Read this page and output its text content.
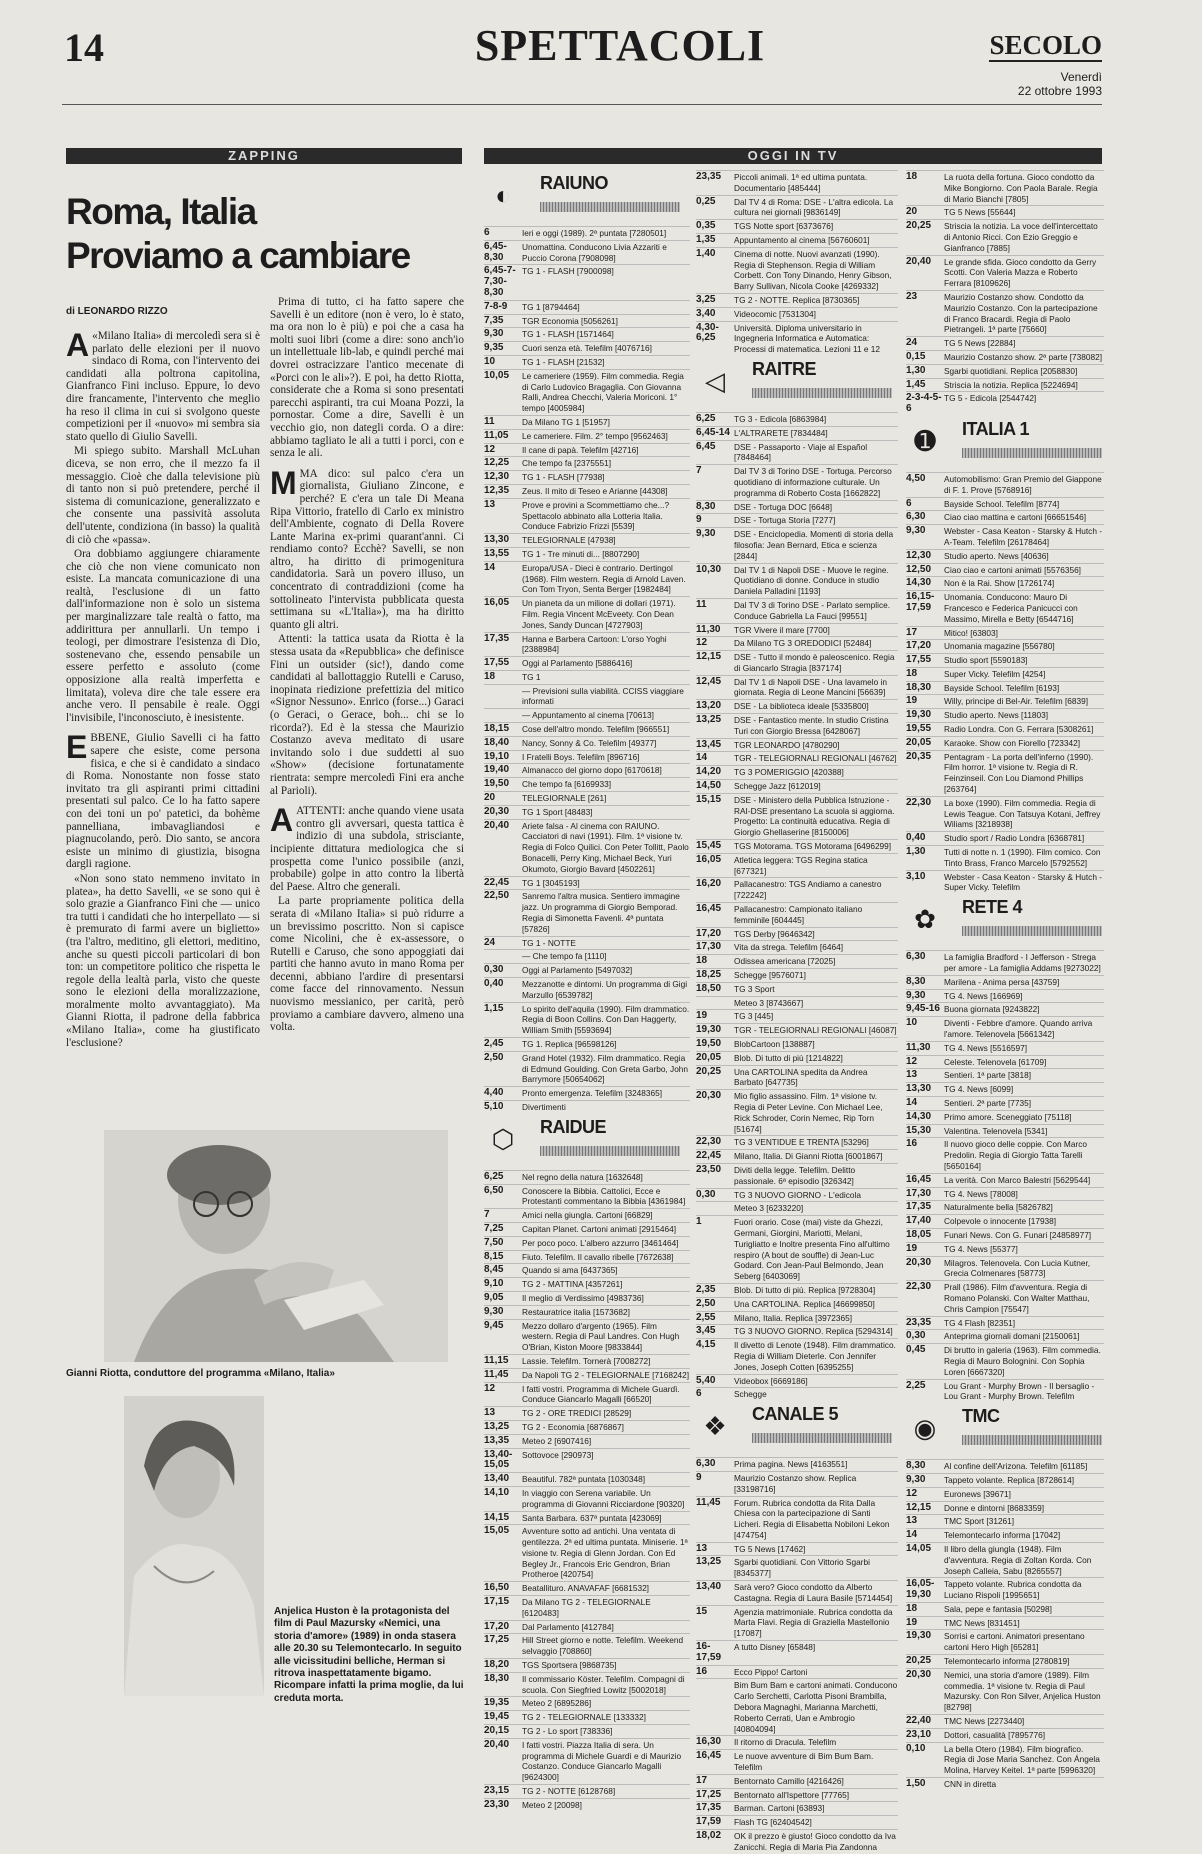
14	SPETTACOLI	SECOLO
Venerdì
22 ottobre 1993
ZAPPING	OGGI IN TV
Roma, Italia
Proviamo a cambiare
di LEONARDO RIZZO

A «Milano Italia» di mercoledì sera si è parlato delle elezioni per il nuovo sindaco di Roma, con l'intervento dei candidati alla poltrona capitolina, Gianfranco Fini incluso. Eppure, lo devo dire francamente, l'intervento che meglio ha reso il clima in cui si svolgono queste competizioni per il «nuovo» mi sembra sia stato quello di Giulio Savelli.

Mi spiego subito. Marshall McLuhan diceva, se non erro, che il mezzo fa il messaggio. Cioè che dalla televisione più di tanto non si può pretendere, perché il sistema di comunicazione, generalizzato e che consente una passività assoluta dell'utente, condiziona (in basso) la qualità di ciò che «passa».

Ora dobbiamo aggiungere chiaramente che ciò che non viene comunicato non esiste. La mancata comunicazione di una realtà, l'esclusione di un fatto dall'informazione non è solo un sistema per marginalizzare tale realtà o fatto, ma addirittura per annullarli. Un tempo i teologi, per dimostrare l'esistenza di Dio, sostenevano che, essendo pensabile un essere perfetto e assoluto (come opposizione alla realtà imperfetta e limitata), voleva dire che tale essere era anche vero. Il pensabile è reale. Oggi l'invisibile, l'inconosciuto, è inesistente.

EBBENE, Giulio Savelli ci ha fatto sapere che esiste, come persona fisica, e che si è candidato a sindaco di Roma. Nonostante non fosse stato invitato tra gli aspiranti primi cittadini presentati sul palco. Ce lo ha fatto sapere con dei toni un po' patetici, da bohème pannelliana, imbavagliandosi e piagnucolando, però. Dio santo, se ancora esiste un minimo di giustizia, bisogna dargli ragione.

«Non sono stato nemmeno invitato in platea», ha detto Savelli, «e se sono qui è solo grazie a Gianfranco Fini che — unico tra tutti i candidati che ho interpellato — si è premurato di farmi avere un biglietto» (tra l'altro, meditino, gli elettori, meditino, anche su questi piccoli particolari di bon ton: un competitore politico che rispetta le regole della lealtà parla, visto che queste sono le elezioni della moralizzazione, moralmente molto avvantaggiato). Ma Gianni Riotta, il padrone della fabbrica «Milano Italia», come ha giustificato l'esclusione?

Prima di tutto, ci ha fatto sapere che Savelli è un editore (non è vero, lo è stato, ma ora non lo è più) e poi che a casa ha molti suoi libri (come a dire: sono anch'io un intellettuale lib-lab, e quindi perché mai dovrei ostracizzare l'antico mecenate di «Porci con le ali»?). E poi, ha detto Riotta, considerate che a Roma si sono presentati parecchi aspiranti, tra cui Moana Pozzi, la pornostar. Come a dire, Savelli è un vecchio gio, non dategli corda. O a dire: abbiamo tagliato le ali a tutti i porci, con e senza le ali.

MMA dico: sul palco c'era un giornalista, Giuliano Zincone, e perché? E c'era un tale Di Meana Ripa Vittorio, fratello di Carlo ex ministro dell'Ambiente, cognato di Della Rovere Lante Marina ex-primi quarant'anni. Ci rendiamo conto? Ecchè? Savelli, se non altro, ha diritto di primogenitura candidatoria. Sarà un povero illuso, un concentrato di contraddizioni (come ha sottolineato l'intervista pubblicata questa settimana su «L'Italia»), ma ha diritto quanto gli altri.

Attenti: la tattica usata da Riotta è la stessa usata da «Repubblica» che definisce Fini un outsider (sic!), dando come candidati al ballottaggio Rutelli e Caruso, inopinata riedizione prefettizia del mitico «Signor Nessuno». Enrico (forse...) Garaci (o Geraci, o Gerace, boh... chi se lo ricorda?). Ed è la stessa che Maurizio Costanzo aveva meditato di usare invitando solo i due suddetti al suo «Show» (decisione fortunatamente rientrata: sempre mercoledì Fini era anche al Parioli).

AATTENTI: anche quando viene usata contro gli avversari, questa tattica è indizio di una subdola, strisciante, incipiente dittatura mediologica che si prospetta come l'unico possibile (anzi, probabile) golpe in atto contro la libertà del Paese. Altro che generali.

La parte propriamente politica della serata di «Milano Italia» si può ridurre a un brevissimo poscritto. Non si capisce come Nicolini, che è ex-assessore, o Rutelli e Caruso, che sono appoggiati dai partiti che hanno avuto in mano Roma per decenni, abbiano l'ardire di presentarsi come facce del rinnovamento. Nessun nuovismo messianico, per carità, però proviamo a cambiare davvero, almeno una volta.

Gianni Riotta, conduttore del programma «Milano, Italia»
Anjelica Huston è la protagonista del film di Paul Mazursky «Nemici, una storia d'amore» (1989) in onda stasera alle 20.30 su Telemontecarlo. In seguito alle vicissitudini belliche, Herman si ritrova inaspettatamente bigamo. Ricompare infatti la prima moglie, da lui creduta morta.
◐	RAIUNO
6	Ieri e oggi (1989). 2ª puntata [7280501]
6,45-8,30
Unomattina. Conducono Livia Azzariti e Puccio Corona [7908098]
6,45-7-7,30-8,30
TG 1 - FLASH [7900098]
7-8-9	TG 1 [8794464]
7,35	TGR Economia [5056261]
9,30	TG 1 - FLASH [1571464]
9,35	Cuori senza età. Telefilm [4076716]
10	TG 1 - FLASH [21532]
10,05	Le cameriere (1959). Film commedia. Regia di Carlo Ludovico Bragaglia. Con Giovanna Ralli, Andrea Checchi, Valeria Moriconi. 1° tempo [4005984]
11	Da Milano TG 1 [51957]
11,05	Le cameriere. Film. 2° tempo [9562463]
12	Il cane di papà. Telefilm [42716]
12,25	Che tempo fa [2375551]
12,30	TG 1 - FLASH [77938]
12,35	Zeus. Il mito di Teseo e Arianne [44308]
13	Prove e provini a Scommettiamo che...? Spettacolo abbinato alla Lotteria Italia. Conduce Fabrizio Frizzi [5539]
13,30	TELEGIORNALE [47938]
13,55	TG 1 - Tre minuti di... [8807290]
14	Europa/USA - Dieci è contrario. Dertingol (1968). Film western. Regia di Arnold Laven. Con Tom Tryon, Senta Berger [1982484]
16,05	Un pianeta da un milione di dollari (1971). Film. Regia Vincent McEveety. Con Dean Jones, Sandy Duncan [4727903]
17,35	Hanna e Barbera Cartoon: L'orso Yoghi [2388984]
17,55	Oggi al Parlamento [5886416]
18	TG 1
— Previsioni sulla viabilità. CCISS viaggiare informati
— Appuntamento al cinema [70613]
18,15	Cose dell'altro mondo. Telefilm [966551]
18,40	Nancy, Sonny & Co. Telefilm [49377]
19,10	I Fratelli Boys. Telefilm [896716]
19,40	Almanacco del giorno dopo [6170618]
19,50	Che tempo fa [6169933]
20	TELEGIORNALE [261]
20,30	TG 1 Sport [48483]
20,40	Ariete falsa - Al cinema con RAIUNO. Cacciatori di navi (1991). Film. 1ª visione tv. Regia di Folco Quilici. Con Peter Tollitt, Paolo Bonacelli, Perry King, Michael Beck, Yuri Okumoto, Giorgio Bavard [4502261]
22,45	TG 1 [3045193]
22,50	Sanremo l'altra musica. Sentiero immagine jazz. Un programma di Giorgio Bemporad. Regia di Simonetta Favenli. 4ª puntata [57826]
24	TG 1 - NOTTE
— Che tempo fa [1110]
0,30	Oggi al Parlamento [5497032]
0,40	Mezzanotte e dintorni. Un programma di Gigi Marzullo [6539782]
1,15	Lo spirito dell'aquila (1990). Film drammatico. Regia di Boon Collins. Con Dan Haggerty, William Smith [5593694]
2,45	TG 1. Replica [96598126]
2,50	Grand Hotel (1932). Film drammatico. Regia di Edmund Goulding. Con Greta Garbo, John Barrymore [50654062]
4,40	Pronto emergenza. Telefilm [3248365]
5,10	Divertimenti
⬡	RAIDUE
6,25	Nel regno della natura [1632648]
6,50	Conoscere la Bibbia. Cattolici, Ecce e Protestanti commentano la Bibbia [4361984]
7	Amici nella giungla. Cartoni [66829]
7,25	Capitan Planet. Cartoni animati [2915464]
7,50	Per poco poco. L'albero azzurro [3461464]
8,15	Fiuto. Telefilm. Il cavallo ribelle [7672638]
8,45	Quando si ama [6437365]
9,10	TG 2 - MATTINA [4357261]
9,05	Il meglio di Verdissimo [4983736]
9,30	Restauratrice italia [1573682]
9,45	Mezzo dollaro d'argento (1965). Film western. Regia di Paul Landres. Con Hugh O'Brian, Kiston Moore [9833844]
11,15	Lassie. Telefilm. Tornerà [7008272]
11,45	Da Napoli TG 2 - TELEGIORNALE [7168242]
12	I fatti vostri. Programma di Michele Guardì. Conduce Giancarlo Magalli [66520]
13	TG 2 - ORE TREDICI [28529]
13,25	TG 2 - Economia [6876867]
13,35	Meteo 2 [6907416]
13,40-15,05
Sottovoce [290973]
13,40	Beautiful. 782ª puntata [1030348]
14,10	In viaggio con Serena variabile. Un programma di Giovanni Ricciardone [90320]
14,15	Santa Barbara. 637ª puntata [423069]
15,05	Avventure sotto ad antichi. Una ventata di gentilezza. 2ª ed ultima puntata. Miniserie. 1ª visione tv. Regia di Glenn Jordan. Con Ed Begley Jr., Francois Eric Gendron, Brian Protheroe [420754]
16,50	Beatallituro. ANAVAFAF [6681532]
17,15	Da Milano TG 2 - TELEGIORNALE [6120483]
17,20	Dal Parlamento [412784]
17,25	Hill Street giorno e notte. Telefilm. Weekend selvaggio [708860]
18,20	TGS Sportsera [9868735]
18,30	Il commissario Köster. Telefilm. Compagni di scuola. Con Siegfried Lowitz [5002018]
19,35	Meteo 2 [6895286]
19,45	TG 2 - TELEGIORNALE [133332]
20,15	TG 2 - Lo sport [738336]
20,40	I fatti vostri. Piazza Italia di sera. Un programma di Michele Guardì e di Maurizio Costanzo. Conduce Giancarlo Magalli [9624300]
23,15	TG 2 - NOTTE [6128768]
23,30	Meteo 2 [20098]
23,35	Piccoli animali. 1ª ed ultima puntata. Documentario [485444]
0,25	Dal TV 4 di Roma: DSE - L'altra edicola. La cultura nei giornali [9836149]
0,35	TGS Notte sport [6373676]
1,35	Appuntamento al cinema [56760601]
1,40	Cinema di notte. Nuovi avanzati (1990). Regia di Stephenson. Regia di William Corbett. Con Tony Dinando, Henry Gibson, Barry Sullivan, Nicola Cooke [4269332]
3,25	TG 2 - NOTTE. Replica [8730365]
3,40	Videocomic [7531304]
4,30-6,25
Università. Diploma universitario in Ingegneria Informatica e Automatica: Processi di matematica. Lezioni 11 e 12
◁	RAITRE
6,25	TG 3 - Edicola [6863984]
6,45-14 L'ALTRARETE [7834484]
6,45	DSE - Passaporto - Viaje al Español [7848464]
7	Dal TV 3 di Torino DSE - Tortuga. Percorso quotidiano di informazione culturale. Un programma di Roberto Costa [1662822]
8,30	DSE - Tortuga DOC [6648]
9	DSE - Tortuga Storia [7277]
9,30	DSE - Enciclopedia. Momenti di storia della filosofia: Jean Bernard, Etica e scienza [2844]
10,30	Dal TV 1 di Napoli DSE - Muove le regine. Quotidiano di donne. Conduce in studio Daniela Palladini [1193]
11	Dal TV 3 di Torino DSE - Parlato semplice. Conduce Gabriella La Fauci [99551]
11,30	TGR Vivere il mare [7700]
12	Da Milano TG 3 OREDODICI [52484]
12,15	DSE - Tutto il mondo è paleoscenico. Regia di Giancarlo Stragia [837174]
12,45	Dal TV 1 di Napoli DSE - Una lavamelo in giornata. Regia di Leone Mancini [56639]
13,20	DSE - La biblioteca ideale [5335800]
13,25	DSE - Fantastico mente. In studio Cristina Turi con Giorgio Bressa [6428067]
13,45	TGR LEONARDO [4780290]
14	TGR - TELEGIORNALI REGIONALI [46762]
14,20	TG 3 POMERIGGIO [420388]
14,50	Schegge Jazz [612019]
15,15	DSE - Ministero della Pubblica Istruzione - RAI-DSE presentano La scuola si aggiorna. Progetto: La continuità educativa. Regia di Giorgio Ghellaserine [8150006]
15,45	TGS Motorama. TGS Motorama [6496299]
16,05	Atletica leggera: TGS Regina statica [677321]
16,20	Pallacanestro: TGS Andiamo a canestro [722242]
16,45	Pallacanestro: Campionato italiano femminile [604445]
17,20	TGS Derby [9646342]
17,30	Vita da strega. Telefilm [6464]
18	Odissea americana [72025]
18,25	Schegge [9576071]
18,50	TG 3 Sport
Meteo 3 [8743667]
19	TG 3 [445]
19,30	TGR - TELEGIORNALI REGIONALI [46087]
19,50	BlobCartoon [138887]
20,05	Blob. Di tutto di più [1214822]
20,25	Una CARTOLINA spedita da Andrea Barbato [647735]
20,30	Mio figlio assassino. Film. 1ª visione tv. Regia di Peter Levine. Con Michael Lee, Rick Schroder, Corin Nemec, Rip Torn [51674]
22,30	TG 3 VENTIDUE E TRENTA [53296]
22,45	Milano, Italia. Di Gianni Riotta [6001867]
23,50	Diviti della legge. Telefilm. Delitto passionale. 6ª episodio [326342]
0,30	TG 3 NUOVO GIORNO - L'edicola
Meteo 3 [6233220]
1	Fuori orario. Cose (mai) viste da Ghezzi, Germani, Giorgini, Mariotti, Melani, Turigliatto e Inoltre presenta Fino all'ultimo respiro (A bout de souffle) di Jean-Luc Godard. Con Jean-Paul Belmondo, Jean Seberg [6403069]
2,35	Blob. Di tutto di più. Replica [9728304]
2,50	Una CARTOLINA. Replica [46699850]
2,55	Milano, Italia. Replica [3972365]
3,45	TG 3 NUOVO GIORNO. Replica [5294314]
4,15	Il divetto di Lenote (1948). Film drammatico. Regia di William Dieterle. Con Jennifer Jones, Joseph Cotten [6395255]
5,40	Videobox [6669186]
6	Schegge
❖	CANALE 5
6,30	Prima pagina. News [4163551]
9	Maurizio Costanzo show. Replica [33198716]
11,45	Forum. Rubrica condotta da Rita Dalla Chiesa con la partecipazione di Santi Licheri. Regia di Elisabetta Nobiloni Lekon [474754]
13	TG 5 News [17462]
13,25	Sgarbi quotidiani. Con Vittorio Sgarbi [8345377]
13,40	Sarà vero? Gioco condotto da Alberto Castagna. Regia di Laura Basile [5714454]
15	Agenzia matrimoniale. Rubrica condotta da Marta Flavi. Regia di Graziella Mastellonio [17087]
16-17,59
A tutto Disney [65848]
16	Ecco Pippo! Cartoni
Bim Bum Bam e cartoni animati. Conducono Carlo Serchetti, Carlotta Pisoni Brambilla, Debora Magnaghi, Marianna Marchetti, Roberto Cerrati, Uan e Ambrogio [40804094]
16,30	Il ritorno di Dracula. Telefilm
16,45	Le nuove avventure di Bim Bum Bam. Telefilm
17	Bentornato Camillo [4216426]
17,25	Bentornato all'Ispettore [77765]
17,35	Barman. Cartoni [63893]
17,59	Flash TG [62404542]
18,02	OK il prezzo è giusto! Gioco condotto da Iva Zanicchi. Regia di Maria Pia Zandonna
18	La ruota della fortuna. Gioco condotto da Mike Bongiorno. Con Paola Barale. Regia di Mario Bianchi [7805]
20	TG 5 News [55644]
20,25	Striscia la notizia. La voce dell'intercettato di Antonio Ricci. Con Ezio Greggio e Gianfranco [7885]
20,40	Le grande sfida. Gioco condotto da Gerry Scotti. Con Valeria Mazza e Roberto Ferrara [8109626]
23	Maurizio Costanzo show. Condotto da Maurizio Costanzo. Con la partecipazione di Franco Bracardi. Regia di Paolo Pietrangeli. 1ª parte [75660]
24	TG 5 News [22884]
0,15	Maurizio Costanzo show. 2ª parte [738082]
1,30	Sgarbi quotidiani. Replica [2058830]
1,45	Striscia la notizia. Replica [5224694]
2-3-4-5-6
TG 5 - Edicola [2544742]
➊	ITALIA 1
4,50	Automobilismo: Gran Premio del Giappone di F. 1. Prove [5768916]
6	Bayside School. Telefilm [8774]
6,30	Ciao ciao mattina e cartoni [66651546]
9,30	Webster - Casa Keaton - Starsky & Hutch - A-Team. Telefilm [26178464]
12,30	Studio aperto. News [40636]
12,50	Ciao ciao e cartoni animati [5576356]
14,30	Non è la Rai. Show [1726174]
16,15-17,59
Unomania. Conducono: Mauro Di Francesco e Federica Panicucci con Massimo, Mirella e Betty [6544716]
17	Mitico! [63803]
17,20	Unomania magazine [556780]
17,55	Studio sport [5590183]
18	Super Vicky. Telefilm [4254]
18,30	Bayside School. Telefilm [6193]
19	Willy, principe di Bel-Air. Telefilm [6839]
19,30	Studio aperto. News [11803]
19,55	Radio Londra. Con G. Ferrara [5308261]
20,05	Karaoke. Show con Fiorello [723342]
20,35	Pentagram - La porta dell'inferno (1990). Film horror. 1ª visione tv. Regia di R. Feinzinseil. Con Lou Diamond Phillips [263764]
22,30	La boxe (1990). Film commedia. Regia di Lewis Teague. Con Tatsuya Kotani, Jeffrey Wiliams [3218938]
0,40	Studio sport / Radio Londra [6368781]
1,30	Tutti di notte n. 1 (1990). Film comico. Con Tinto Brass, Franco Marcelo [5792552]
3,10	Webster - Casa Keaton - Starsky & Hutch - Super Vicky. Telefilm
✿	RETE 4
6,30	La famiglia Bradford - I Jefferson - Strega per amore - La famiglia Addams [9273022]
8,30	Marilena - Anima persa [43759]
9,30	TG 4. News [166969]
9,45-16 Buona giornata [9243822]
10	Diventi - Febbre d'amore. Quando arriva l'amore. Telenovela [5661342]
11,30	TG 4. News [5516597]
12	Celeste. Telenovela [61709]
13	Sentieri. 1ª parte [3818]
13,30	TG 4. News [6099]
14	Sentieri. 2ª parte [7735]
14,30	Primo amore. Sceneggiato [75118]
15,30	Valentina. Telenovela [5341]
16	Il nuovo gioco delle coppie. Con Marco Predolin. Regia di Giorgio Tatta Tarelli [5650164]
16,45	La verità. Con Marco Balestri [5629544]
17,30	TG 4. News [78008]
17,35	Naturalmente bella [5826782]
17,40	Colpevole o innocente [17938]
18,05	Funari News. Con G. Funari [24858977]
19	TG 4. News [55377]
20,30	Milagros. Telenovela. Con Lucia Kutner, Grecia Colmenares [58773]
22,30	Prall (1986). Film d'avventura. Regia di Romano Polanski. Con Walter Matthau, Chris Campion [75547]
23,35	TG 4 Flash [82351]
0,30	Anteprima giornali domani [2150061]
0,45	Di brutto in galeria (1963). Film commedia. Regia di Mauro Bolognini. Con Sophia Loren [6667320]
2,25	Lou Grant - Murphy Brown - Il bersaglio - Lou Grant - Murphy Brown. Telefilm
◉	TMC
8,30	Al confine dell'Arizona. Telefilm [61185]
9,30	Tappeto volante. Replica [8728614]
12	Euronews [39671]
12,15	Donne e dintorni [8683359]
13	TMC Sport [31261]
14	Telemontecarlo informa [17042]
14,05	Il libro della giungla (1948). Film d'avventura. Regia di Zoltan Korda. Con Joseph Calleia, Sabu [8265557]
16,05-19,30
Tappeto volante. Rubrica condotta da Luciano Rispoli [1995651]
18	Sala, pepe e fantasia [50298]
19	TMC News [831451]
19,30	Sorrisi e cartoni. Animatori presentano cartoni Hero High [65281]
20,25	Telemontecarlo informa [2780819]
20,30	Nemici, una storia d'amore (1989). Film commedia. 1ª visione tv. Regia di Paul Mazursky. Con Ron Silver, Anjelica Huston [82798]
22,40	TMC News [2273440]
23,10	Dottori, casualità [7895776]
0,10	La bella Otero (1984). Film biografico. Regia di Jose Maria Sanchez. Con Ángela Molina, Harvey Keitel. 1ª parte [5996320]
1,50	CNN in diretta
